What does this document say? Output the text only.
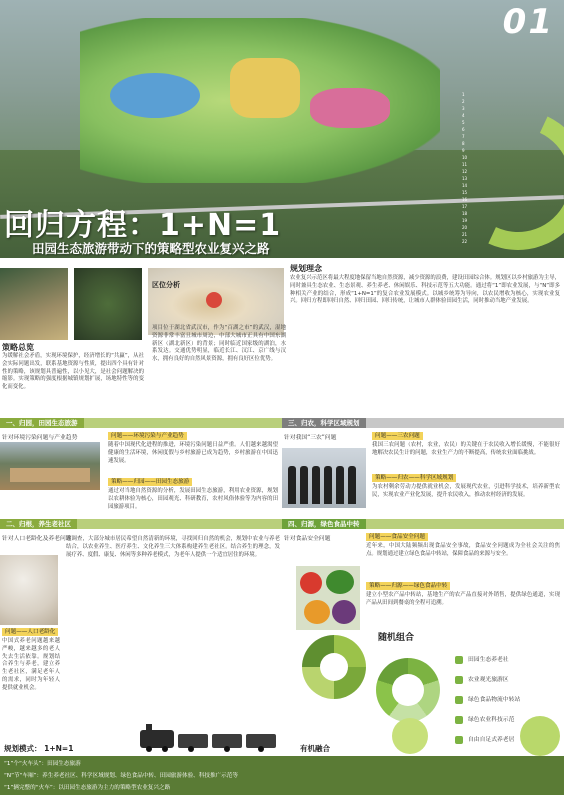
1
2
3
4
5
6
7
8
9
10
11
12
13
14
15
16
17
18
19
20
21
22
01
回归方程：1+N=1
田园生态旅游带动下的策略型农业复兴之路
策略总览
为缓解社会矛盾，实现环境保护，经济增长的“共赢”，从社会实际问题出发，联系基地资源与性质，提出四个具有针对性的策略，该规划具普遍性，以小见大，是社会问题解决的缩影。实现策略的强度根据城镇规划扩展，场地特性等的变化而变化。
区位分析
项目位于湖北省武汉市，作为“百湖之市”的武汉，湿地资源非常丰富且城市周边，中部大城市正具有中国东湖新区（湖北新区）的背景；同时临近国家级的湖泊，水系发达。交通优势明显，临近长江、汉江、京广线与汉水，拥有良好的自然风景资源，拥有良好区位优势。
规划理念
农业复兴示范区将最大程度地保留当地自然资源，减少资源的浪费，建设田园综合体。规划区以乡村旅游为主导，同时兼具生态农业、生态景观、养生养老、休闲娱乐、科技示范等五大功能。通过将“1”即农业发展，与“N”即多种相关产业的结合，形成“1+N=1”的复合农业发展模式。以城乡统筹为导向，以农民增收为核心，实现农业复兴。回归方程即回归自然、回归田园、回归传统，让城市人群体验田园生活，同时推动当地产业发展。
一、归园，田园生态旅游	三、归农，科学区域规划
二、归根，养生老社区	四、归源，绿色食品中转
针对环境污染问题与产业趋势	问题——环境污染与产业趋势
随着中国现代化进程的推进，环境污染问题日益严重。人们越来越渴望健康的生活环境，休闲度假与乡村旅游已成为趋势，乡村旅游在中国迅速发展。
策略——归园——田园生态旅游
通过对当地自然资源的分析，发展田园生态旅游，利用农业资源，规划以农耕体验为核心，田园观光、科研教育，农村风俗体验等为内容的田园旅游项目。
针对我国“三农”问题	问题——三农问题
我国三农问题（农村，农业，农民）的关键在于农民收入增长缓慢，不能很好地解决农民生计的问题，农业生产力的不断提高，传统农业面临挑战。
策略——归农——科学区域规划
为农村剩余劳动力提供就业机会，发展现代农业，引进科学技术，培养新型农民，实现农业产业化发展，提升农民收入，推动农村经济的发展。
针对人口老龄化及养老问题
问题——人口老龄化
中国式养老问题越来越严峻，越来越多的老人失去生活依靠。规划结合养生与养老，建立养生老社区，满足老年人的需求，同时为年轻人提供就业机会。
诊调查，大部分城市居民希望自然清新的环境，寻找回归自然的机会，规划中农业与养老结合，以农业养生、医疗养生、文化养生三大体系构建养生老社区。结合养生的理念，发展疗养、度假、康复、休闲等多种养老模式，为老年人提供一个适宜居住的环境。
针对食品安全问题	问题——食品安全问题
近年来，中国大陆频频出现食品安全事故，食品安全问题成为全社会关注的焦点。规划通过建立绿色食品中转站，保障食品的来源与安全。
策略——归源——绿色食品中转
建立小型农产品中转站，基地生产的农产品直接对外销售，提供绿色通道，实现产品从田间到餐桌的全程可追溯。
随机组合
田园生态养老社
农业观光旅游区
绿色食品物流中转站
绿色农业科技示范
自由自足式养老居
规划模式： 1+N=1	有机融合
“1”个“火车头”：田园生态旅游
“N”节“车厢”：养生养老社区、科学区域规划、绿色食品中转、田园旅游体验、科技推广示范等
“1”辆完整的“火车”：以田园生态旅游为主力的策略型农业复兴之路
